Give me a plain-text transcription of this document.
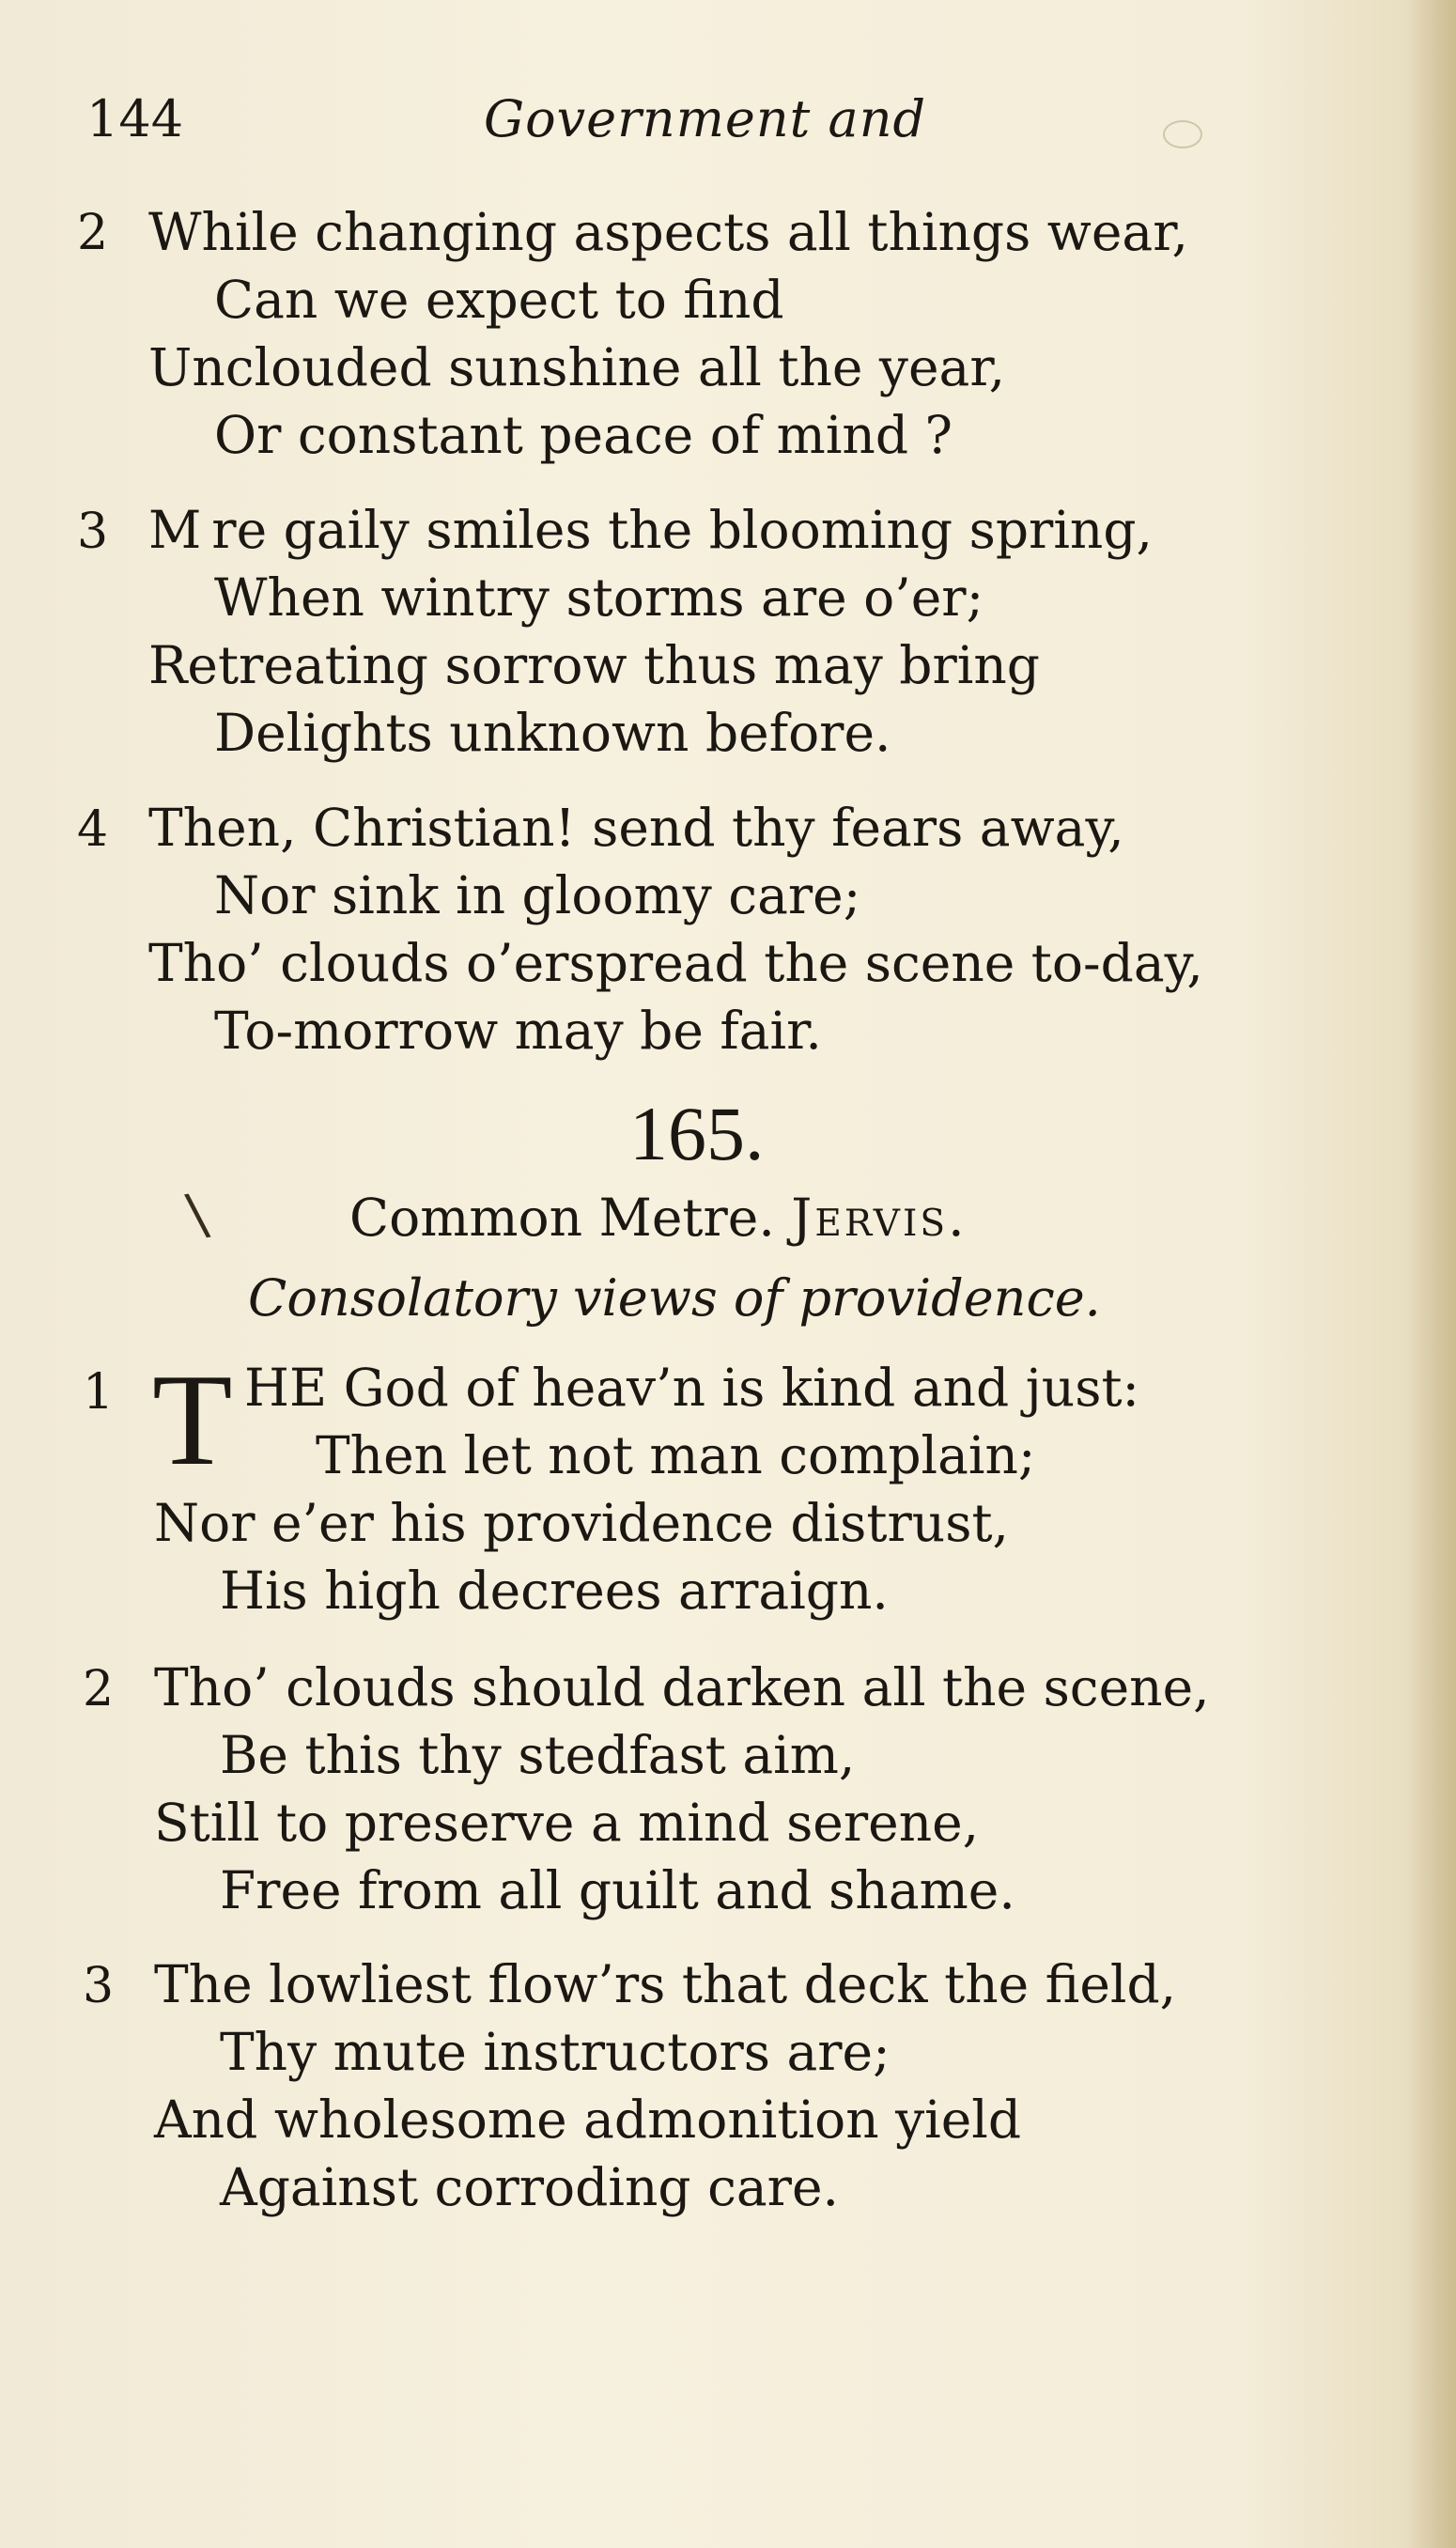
144	Government and
2 While changing aspects all things wear,
Can we expect to find
Unclouded sunshine all the year,
Or constant peace of mind ?
3 M re gaily smiles the blooming spring,
When wintry storms are o’er;
Retreating sorrow thus may bring
Delights unknown before.
4 Then, Christian! send thy fears away,
Nor sink in gloomy care;
Tho’ clouds o’erspread the scene to-day,
To-morrow may be fair.
165.
\	Common Metre. Jervis.
Consolatory views of providence.
1 T HE God of heav’n is kind and just:
Then let not man complain;
Nor e’er his providence distrust,
His high decrees arraign.
2 Tho’ clouds should darken all the scene,
Be this thy stedfast aim,
Still to preserve a mind serene,
Free from all guilt and shame.
3 The lowliest flow’rs that deck the field,
Thy mute instructors are;
And wholesome admonition yield
Against corroding care.
